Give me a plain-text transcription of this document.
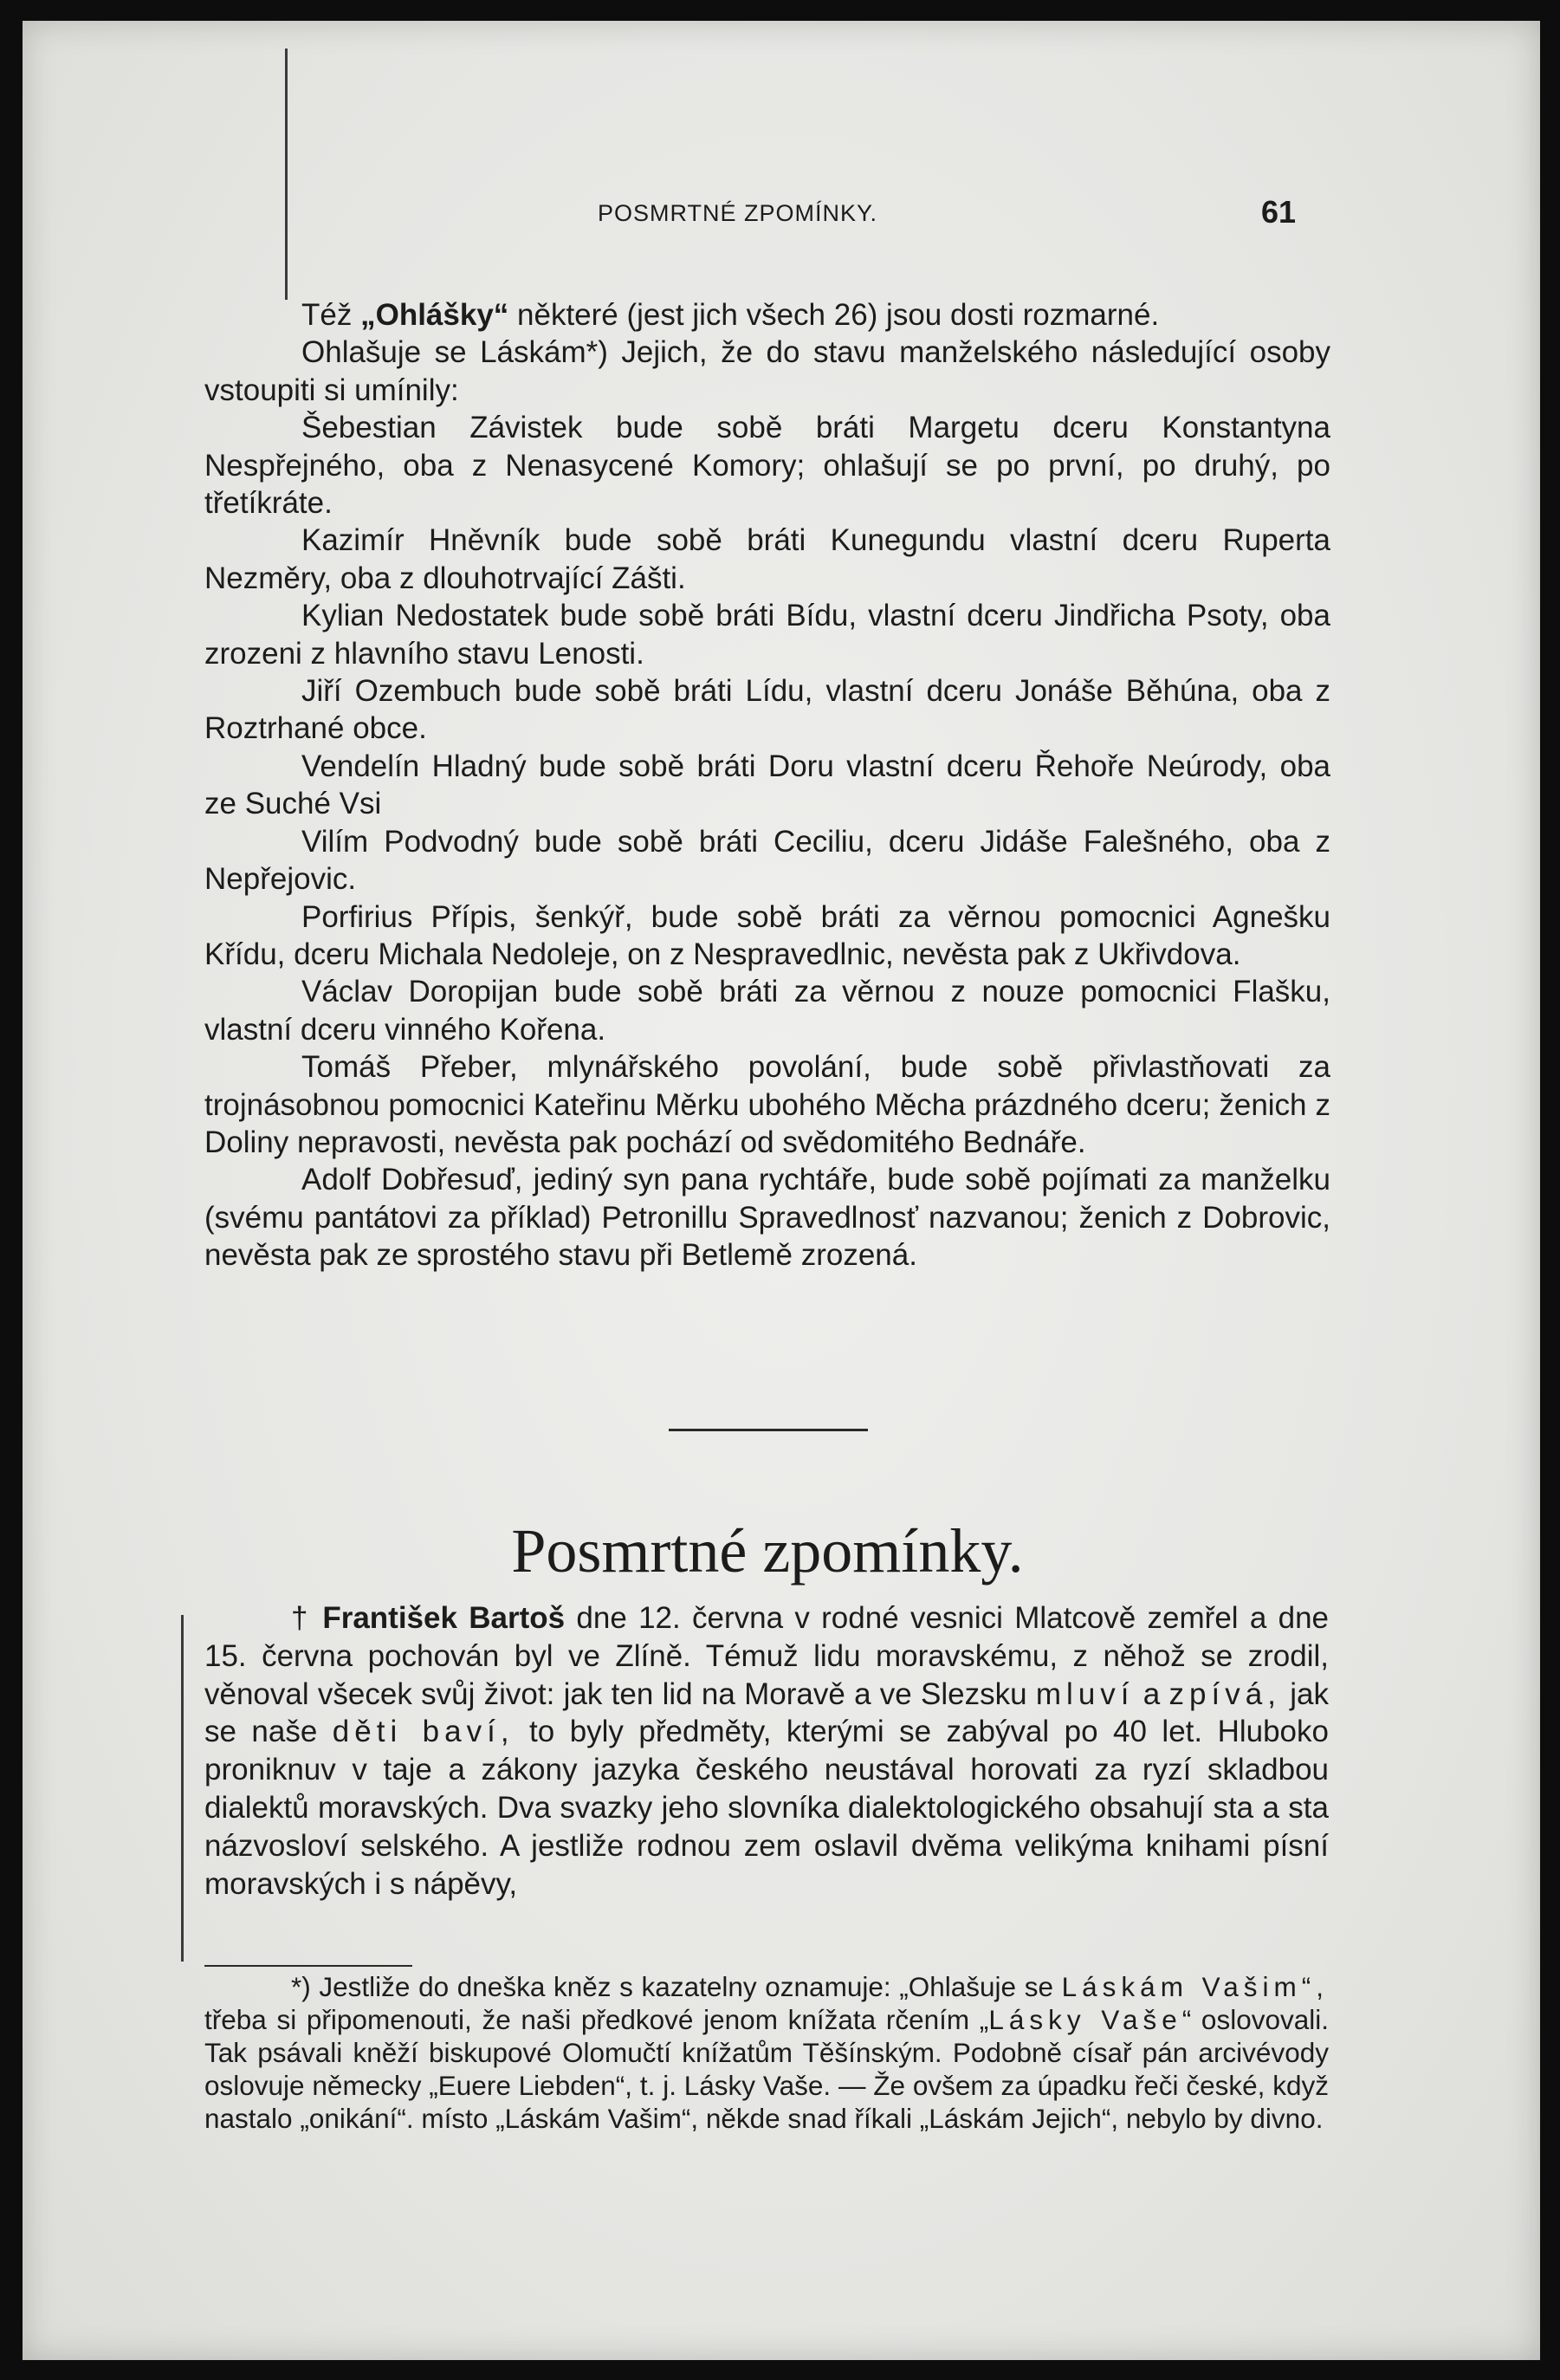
POSMRTNÉ ZPOMÍNKY.	61

Též „Ohlášky“ některé (jest jich všech 26) jsou dosti rozmarné.

Ohlašuje se Láskám*) Jejich, že do stavu manželského následující osoby vstoupiti si umínily:

Šebestian Závistek bude sobě bráti Margetu dceru Konstantyna Nespřejného, oba z Nenasycené Komory; ohlašují se po první, po druhý, po třetíkráte.

Kazimír Hněvník bude sobě bráti Kunegundu vlastní dceru Ruperta Nezměry, oba z dlouhotrvající Zášti.

Kylian Nedostatek bude sobě bráti Bídu, vlastní dceru Jindřicha Psoty, oba zrozeni z hlavního stavu Lenosti.

Jiří Ozembuch bude sobě bráti Lídu, vlastní dceru Jonáše Běhúna, oba z Roztrhané obce.

Vendelín Hladný bude sobě bráti Doru vlastní dceru Řehoře Neúrody, oba ze Suché Vsi

Vilím Podvodný bude sobě bráti Ceciliu, dceru Jidáše Falešného, oba z Nepřejovic.

Porfirius Přípis, šenkýř, bude sobě bráti za věrnou pomocnici Agnešku Křídu, dceru Michala Nedoleje, on z Nespravedlnic, nevěsta pak z Ukřivdova.

Václav Doropijan bude sobě bráti za věrnou z nouze pomocnici Flašku, vlastní dceru vinného Kořena.

Tomáš Přeber, mlynářského povolání, bude sobě přivlastňovati za trojnásobnou pomocnici Kateřinu Měrku ubohého Měcha prázdného dceru; ženich z Doliny nepravosti, nevěsta pak pochází od svědomitého Bednáře.

Adolf Dobřesuď, jediný syn pana rychtáře, bude sobě pojímati za manželku (svému pantátovi za příklad) Petronillu Spravedlnosť nazvanou; ženich z Dobrovic, nevěsta pak ze sprostého stavu při Betlemě zrozená.

Posmrtné zpomínky.

† František Bartoš dne 12. června v rodné vesnici Mlatcově zemřel a dne 15. června pochován byl ve Zlíně. Témuž lidu moravskému, z něhož se zrodil, věnoval všecek svůj život: jak ten lid na Moravě a ve Slezsku mluví a zpívá, jak se naše děti baví, to byly předměty, kterými se zabýval po 40 let. Hluboko proniknuv v taje a zákony jazyka českého neustával horovati za ryzí skladbou dialektů moravských. Dva svazky jeho slovníka dialektologického obsahují sta a sta názvosloví selského. A jestliže rodnou zem oslavil dvěma velikýma knihami písní moravských i s nápěvy,

*) Jestliže do dneška kněz s kazatelny oznamuje: „Ohlašuje se Láskám Vašim“, třeba si připomenouti, že naši předkové jenom knížata rčením „Lásky Vaše“ oslovovali. Tak psávali kněží biskupové Olomučtí knížatům Těšínským. Podobně císař pán arcivévody oslovuje německy „Euere Liebden“, t. j. Lásky Vaše. — Že ovšem za úpadku řeči české, když nastalo „onikání“. místo „Láskám Vašim“, někde snad říkali „Láskám Jejich“, nebylo by divno.
